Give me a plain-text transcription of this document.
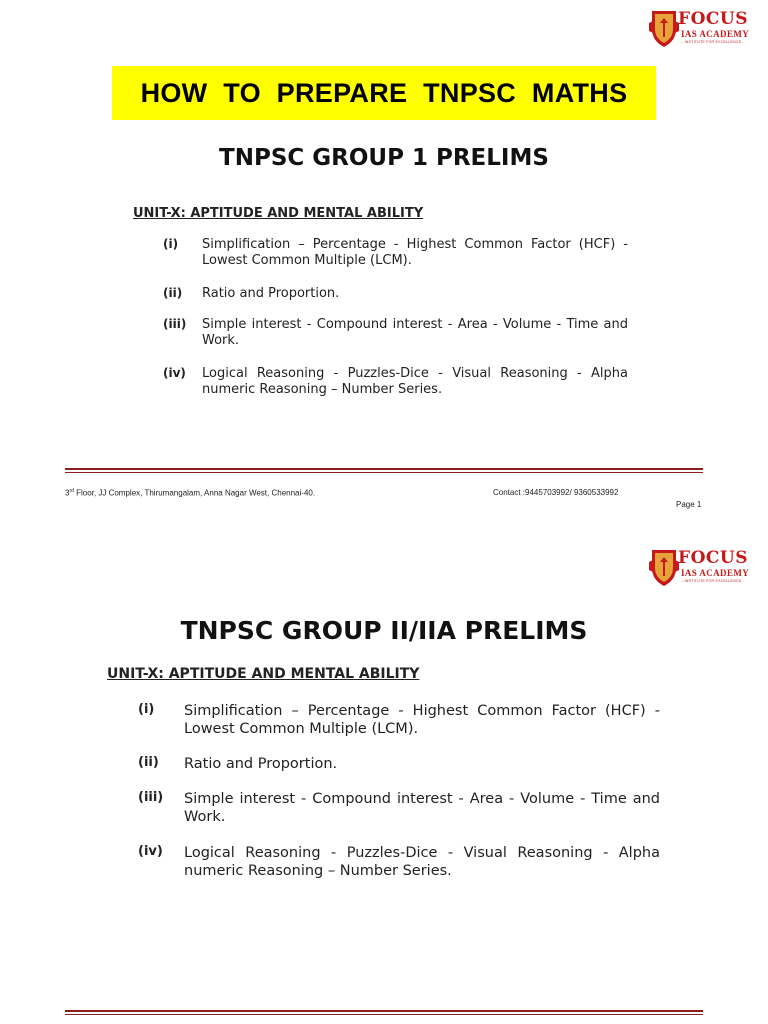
FOCUS
IAS ACADEMY
...INSTITUTE FOR EXCELLENCE...
HOW TO PREPARE TNPSC MATHS
TNPSC GROUP 1 PRELIMS
UNIT-X: APTITUDE AND MENTAL ABILITY
(i) Simplification – Percentage - Highest Common Factor (HCF) - Lowest Common Multiple (LCM).
(ii) Ratio and Proportion.
(iii) Simple interest - Compound interest - Area - Volume - Time and Work.
(iv) Logical Reasoning - Puzzles-Dice - Visual Reasoning - Alpha numeric Reasoning – Number Series.
3rd Floor, JJ Complex, Thirumangalam, Anna Nagar West, Chennai-40.	Contact :9445703992/ 9360533992
Page 1
FOCUS
IAS ACADEMY
...INSTITUTE FOR EXCELLENCE...
TNPSC GROUP II/IIA PRELIMS
UNIT-X: APTITUDE AND MENTAL ABILITY
(i) Simplification – Percentage - Highest Common Factor (HCF) - Lowest Common Multiple (LCM).
(ii) Ratio and Proportion.
(iii) Simple interest - Compound interest - Area - Volume - Time and Work.
(iv) Logical Reasoning - Puzzles-Dice - Visual Reasoning - Alpha numeric Reasoning – Number Series.
